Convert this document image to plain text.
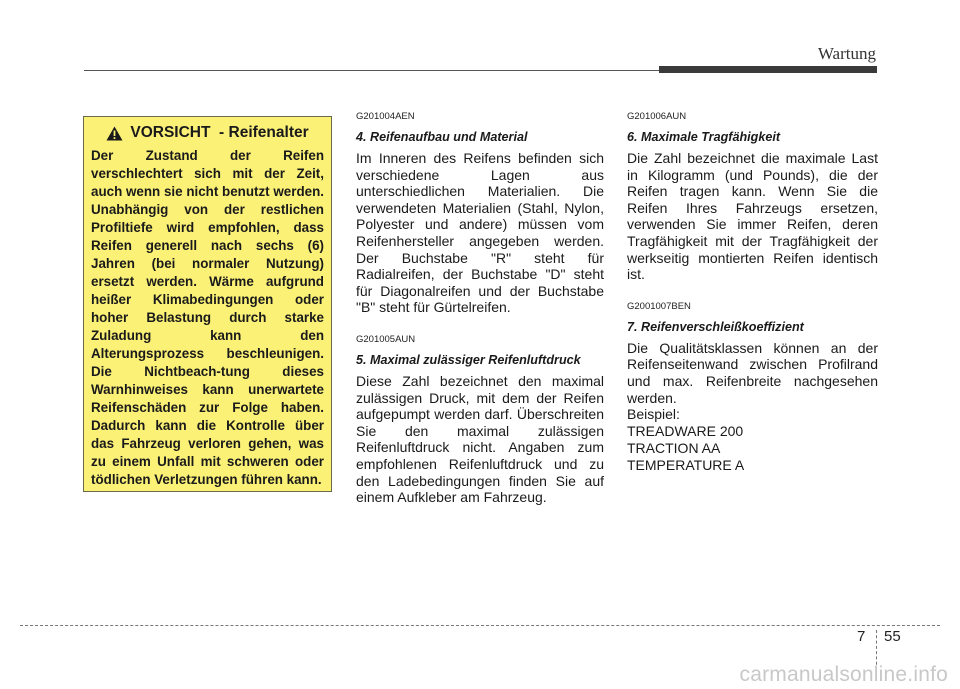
Wartung
VORSICHT  - Reifenalter

Der Zustand der Reifen verschlechtert sich mit der Zeit, auch wenn sie nicht benutzt werden. Unabhängig von der restlichen Profiltiefe wird empfohlen, dass Reifen generell nach sechs (6) Jahren (bei normaler Nutzung) ersetzt werden. Wärme aufgrund heißer Klimabedingungen oder hoher Belastung durch starke Zuladung kann den Alterungsprozess beschleunigen. Die Nichtbeach-tung dieses Warnhinweises kann unerwartete Reifenschäden zur Folge haben. Dadurch kann die Kontrolle über das Fahrzeug verloren gehen, was zu einem Unfall mit schweren oder tödlichen Verletzungen führen kann.

G201004AEN

4. Reifenaufbau und Material

Im Inneren des Reifens befinden sich verschiedene Lagen aus unterschiedlichen Materialien. Die verwendeten Materialien (Stahl, Nylon, Polyester und andere) müssen vom Reifenhersteller angegeben werden. Der Buchstabe "R" steht für Radialreifen, der Buchstabe "D" steht für Diagonalreifen und der Buchstabe "B" steht für Gürtelreifen.

G201005AUN

5. Maximal zulässiger Reifenluftdruck

Diese Zahl bezeichnet den maximal zulässigen Druck, mit dem der Reifen aufgepumpt werden darf. Überschreiten Sie den maximal zulässigen Reifenluftdruck nicht. Angaben zum empfohlenen Reifenluftdruck und zu den Ladebedingungen finden Sie auf einem Aufkleber am Fahrzeug.

G201006AUN

6. Maximale Tragfähigkeit

Die Zahl bezeichnet die maximale Last in Kilogramm (und Pounds), die der Reifen tragen kann. Wenn Sie die Reifen Ihres Fahrzeugs ersetzen, verwenden Sie immer Reifen, deren Tragfähigkeit mit der Tragfähigkeit der werkseitig montierten Reifen identisch ist.

G2001007BEN

7. Reifenverschleißkoeffizient

Die Qualitätsklassen können an der Reifenseitenwand zwischen Profilrand und max. Reifenbreite nachgesehen werden.

Beispiel:

TREADWARE 200

TRACTION AA

TEMPERATURE A

7 55
carmanualsonline.info
